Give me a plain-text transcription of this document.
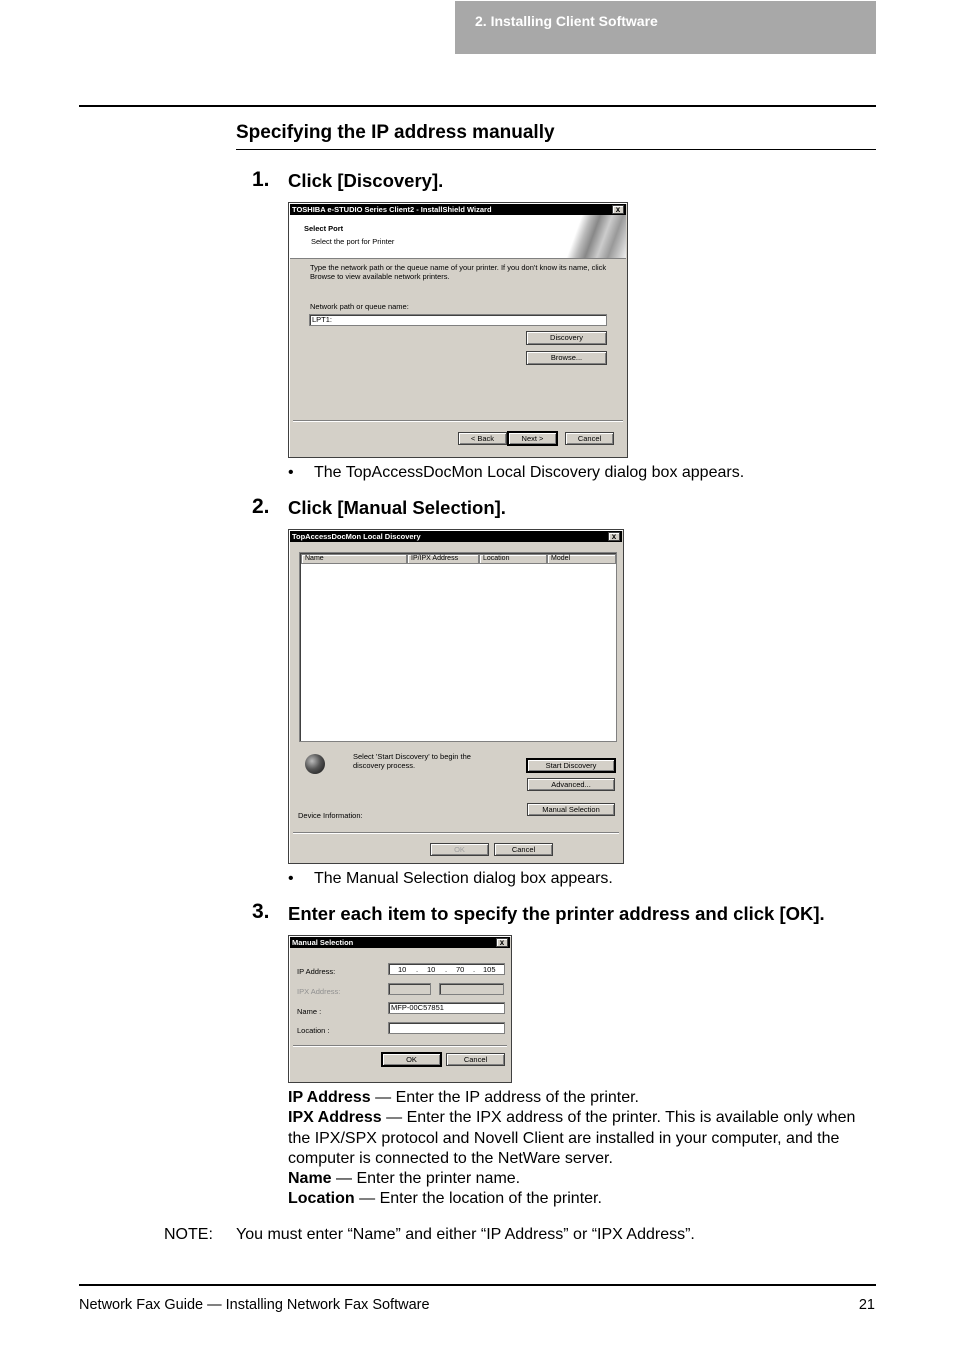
2. Installing Client Software
Specifying the IP address manually
1. Click [Discovery].
TOSHIBA e-STUDIO Series Client2 - InstallShield Wizard	x
Select Port
Select the port for Printer
Type the network path or the queue name of your printer. If you don't know its name, click
Browse to view available network printers.
Network path or queue name:
LPT1:
Discovery
Browse...
< Back	Next >	Cancel
• The TopAccessDocMon Local Discovery dialog box appears.
2. Click [Manual Selection].
TopAccessDocMon Local Discovery	x
Name	IP/IPX Address	Location	Model
Select 'Start Discovery' to begin the
discovery process.	Start Discovery
Advanced...
Manual Selection
Device Information:
OK	Cancel
• The Manual Selection dialog box appears.
3. Enter each item to specify the printer address and click [OK].
Manual Selection	x
IP Address:	10 . 10 . 70 . 105
IPX Address:
Name :	MFP-00C57851
Location :
OK	Cancel
IP Address — Enter the IP address of the printer.
IPX Address — Enter the IPX address of the printer. This is available only when the IPX/SPX protocol and Novell Client are installed in your computer, and the computer is connected to the NetWare server.
Name — Enter the printer name.
Location — Enter the location of the printer.
NOTE: You must enter “Name” and either “IP Address” or “IPX Address”.
Network Fax Guide — Installing Network Fax Software	21
